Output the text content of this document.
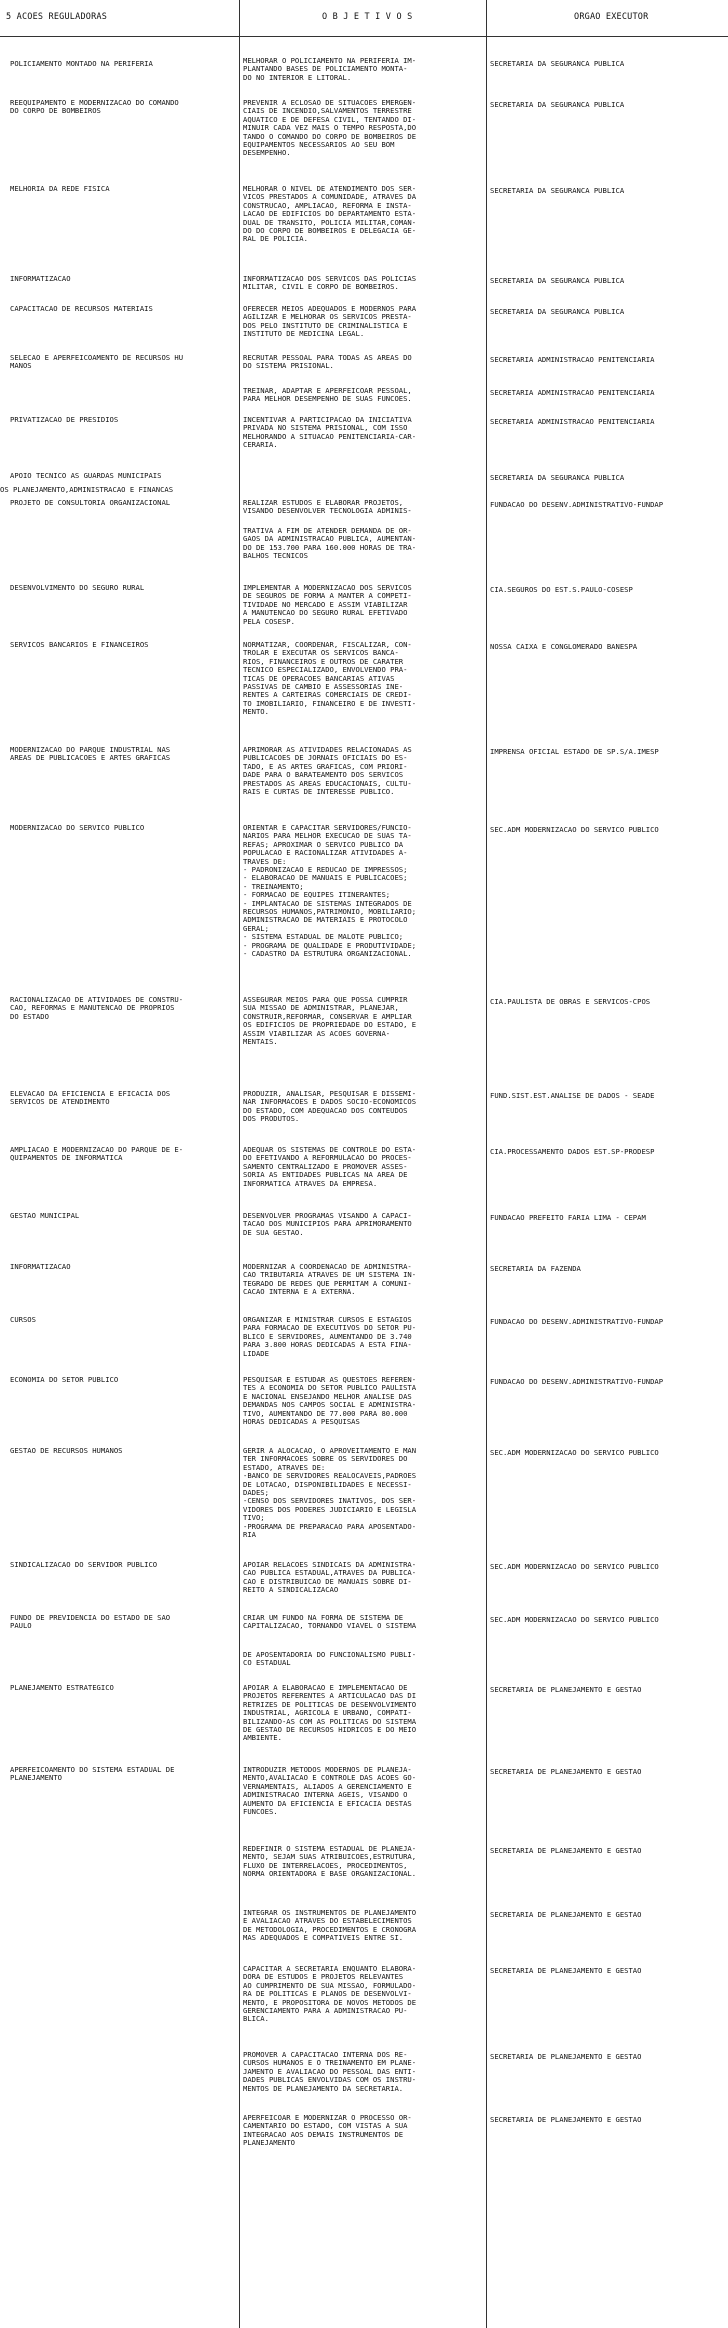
5 ACOES REGULADORAS	O B J E T I V O S	ORGAO EXECUTOR
POLICIAMENTO MONTADO NA PERIFERIA
REEQUIPAMENTO E MODERNIZACAO DO COMANDO
DO CORPO DE BOMBEIROS
MELHORIA DA REDE FISICA
INFORMATIZACAO
CAPACITACAO DE RECURSOS MATERIAIS
SELECAO E APERFEICOAMENTO DE RECURSOS HU
MANOS
PRIVATIZACAO DE PRESIDIOS
APOIO TECNICO AS GUARDAS MUNICIPAIS
OS PLANEJAMENTO,ADMINISTRACAO E FINANCAS
PROJETO DE CONSULTORIA ORGANIZACIONAL
DESENVOLVIMENTO DO SEGURO RURAL
SERVICOS BANCARIOS E FINANCEIROS
MODERNIZACAO DO PARQUE INDUSTRIAL NAS
AREAS DE PUBLICACOES E ARTES GRAFICAS
MODERNIZACAO DO SERVICO PUBLICO
RACIONALIZACAO DE ATIVIDADES DE CONSTRU-
CAO, REFORMAS E MANUTENCAO DE PROPRIOS
DO ESTADO
ELEVACAO DA EFICIENCIA E EFICACIA DOS
SERVICOS DE ATENDIMENTO
AMPLIACAO E MODERNIZACAO DO PARQUE DE E-
QUIPAMENTOS DE INFORMATICA
GESTAO MUNICIPAL
INFORMATIZACAO
CURSOS
ECONOMIA DO SETOR PUBLICO
GESTAO DE RECURSOS HUMANOS
SINDICALIZACAO DO SERVIDOR PUBLICO
FUNDO DE PREVIDENCIA DO ESTADO DE SAO
PAULO
PLANEJAMENTO ESTRATEGICO
APERFEICOAMENTO DO SISTEMA ESTADUAL DE
PLANEJAMENTO
MELHORAR O POLICIAMENTO NA PERIFERIA IM-
PLANTANDO BASES DE POLICIAMENTO MONTA-
DO NO INTERIOR E LITORAL.
PREVENIR A ECLOSAO DE SITUACOES EMERGEN-
CIAIS DE INCENDIO,SALVAMENTOS TERRESTRE
AQUATICO E DE DEFESA CIVIL, TENTANDO DI-
MINUIR CADA VEZ MAIS O TEMPO RESPOSTA,DO
TANDO O COMANDO DO CORPO DE BOMBEIROS DE
EQUIPAMENTOS NECESSARIOS AO SEU BOM
DESEMPENHO.
MELHORAR O NIVEL DE ATENDIMENTO DOS SER-
VICOS PRESTADOS A COMUNIDADE, ATRAVES DA
CONSTRUCAO, AMPLIACAO, REFORMA E INSTA-
LACAO DE EDIFICIOS DO DEPARTAMENTO ESTA-
DUAL DE TRANSITO, POLICIA MILITAR,COMAN-
DO DO CORPO DE BOMBEIROS E DELEGACIA GE-
RAL DE POLICIA.
INFORMATIZACAO DOS SERVICOS DAS POLICIAS
MILITAR, CIVIL E CORPO DE BOMBEIROS.
OFERECER MEIOS ADEQUADOS E MODERNOS PARA
AGILIZAR E MELHORAR OS SERVICOS PRESTA-
DOS PELO INSTITUTO DE CRIMINALISTICA E
INSTITUTO DE MEDICINA LEGAL.
RECRUTAR PESSOAL PARA TODAS AS AREAS DO
DO SISTEMA PRISIONAL.
TREINAR, ADAPTAR E APERFEICOAR PESSOAL,
PARA MELHOR DESEMPENHO DE SUAS FUNCOES.
INCENTIVAR A PARTICIPACAO DA INICIATIVA
PRIVADA NO SISTEMA PRISIONAL, COM ISSO
MELHORANDO A SITUACAO PENITENCIARIA-CAR-
CERARIA.
REALIZAR ESTUDOS E ELABORAR PROJETOS,
VISANDO DESENVOLVER TECNOLOGIA ADMINIS-
TRATIVA A FIM DE ATENDER DEMANDA DE OR-
GAOS DA ADMINISTRACAO PUBLICA, AUMENTAN-
DO DE 153.700 PARA 160.000 HORAS DE TRA-
BALHOS TECNICOS
IMPLEMENTAR A MODERNIZACAO DOS SERVICOS
DE SEGUROS DE FORMA A MANTER A COMPETI-
TIVIDADE NO MERCADO E ASSIM VIABILIZAR
A MANUTENCAO DO SEGURO RURAL EFETIVADO
PELA COSESP.
NORMATIZAR, COORDENAR, FISCALIZAR, CON-
TROLAR E EXECUTAR OS SERVICOS BANCA-
RIOS, FINANCEIROS E OUTROS DE CARATER
TECNICO ESPECIALIZADO, ENVOLVENDO PRA-
TICAS DE OPERACOES BANCARIAS ATIVAS
PASSIVAS DE CAMBIO E ASSESSORIAS INE-
RENTES A CARTEIRAS COMERCIAIS DE CREDI-
TO IMOBILIARIO, FINANCEIRO E DE INVESTI-
MENTO.
APRIMORAR AS ATIVIDADES RELACIONADAS AS
PUBLICACOES DE JORNAIS OFICIAIS DO ES-
TADO, E AS ARTES GRAFICAS, COM PRIORI-
DADE PARA O BARATEAMENTO DOS SERVICOS
PRESTADOS AS AREAS EDUCACIONAIS, CULTU-
RAIS E CURTAS DE INTERESSE PUBLICO.
ORIENTAR E CAPACITAR SERVIDORES/FUNCIO-
NARIOS PARA MELHOR EXECUCAO DE SUAS TA-
REFAS; APROXIMAR O SERVICO PUBLICO DA
POPULACAO E RACIONALIZAR ATIVIDADES A-
TRAVES DE:
- PADRONIZACAO E REDUCAO DE IMPRESSOS;
- ELABORACAO DE MANUAIS E PUBLICACOES;
- TREINAMENTO;
- FORMACAO DE EQUIPES ITINERANTES;
- IMPLANTACAO DE SISTEMAS INTEGRADOS DE
RECURSOS HUMANOS,PATRIMONIO, MOBILIARIO;
ADMINISTRACAO DE MATERIAIS E PROTOCOLO
GERAL;
- SISTEMA ESTADUAL DE MALOTE PUBLICO;
- PROGRAMA DE QUALIDADE E PRODUTIVIDADE;
- CADASTRO DA ESTRUTURA ORGANIZACIONAL.
ASSEGURAR MEIOS PARA QUE POSSA CUMPRIR
SUA MISSAO DE ADMINISTRAR, PLANEJAR,
CONSTRUIR,REFORMAR, CONSERVAR E AMPLIAR
OS EDIFICIOS DE PROPRIEDADE DO ESTADO, E
ASSIM VIABILIZAR AS ACOES GOVERNA-
MENTAIS.
PRODUZIR, ANALISAR, PESQUISAR E DISSEMI-
NAR INFORMACOES E DADOS SOCIO-ECONOMICOS
DO ESTADO, COM ADEQUACAO DOS CONTEUDOS
DOS PRODUTOS.
ADEQUAR OS SISTEMAS DE CONTROLE DO ESTA-
DO EFETIVANDO A REFORMULACAO DO PROCES-
SAMENTO CENTRALIZADO E PROMOVER ASSES-
SORIA AS ENTIDADES PUBLICAS NA AREA DE
INFORMATICA ATRAVES DA EMPRESA.
DESENVOLVER PROGRAMAS VISANDO A CAPACI-
TACAO DOS MUNICIPIOS PARA APRIMORAMENTO
DE SUA GESTAO.
MODERNIZAR A COORDENACAO DE ADMINISTRA-
CAO TRIBUTARIA ATRAVES DE UM SISTEMA IN-
TEGRADO DE REDES QUE PERMITAM A COMUNI-
CACAO INTERNA E A EXTERNA.
ORGANIZAR E MINISTRAR CURSOS E ESTAGIOS
PARA FORMACAO DE EXECUTIVOS DO SETOR PU-
BLICO E SERVIDORES, AUMENTANDO DE 3.740
PARA 3.800 HORAS DEDICADAS A ESTA FINA-
LIDADE
PESQUISAR E ESTUDAR AS QUESTOES REFEREN-
TES A ECONOMIA DO SETOR PUBLICO PAULISTA
E NACIONAL ENSEJANDO MELHOR ANALISE DAS
DEMANDAS NOS CAMPOS SOCIAL E ADMINISTRA-
TIVO, AUMENTANDO DE 77.000 PARA 80.000
HORAS DEDICADAS A PESQUISAS
GERIR A ALOCACAO, O APROVEITAMENTO E MAN
TER INFORMACOES SOBRE OS SERVIDORES DO
ESTADO, ATRAVES DE:
-BANCO DE SERVIDORES REALOCAVEIS,PADROES
DE LOTACAO, DISPONIBILIDADES E NECESSI-
DADES;
-CENSO DOS SERVIDORES INATIVOS, DOS SER-
VIDORES DOS PODERES JUDICIARIO E LEGISLA
TIVO;
-PROGRAMA DE PREPARACAO PARA APOSENTADO-
RIA
APOIAR RELACOES SINDICAIS DA ADMINISTRA-
CAO PUBLICA ESTADUAL,ATRAVES DA PUBLICA-
CAO E DISTRIBUICAO DE MANUAIS SOBRE DI-
REITO A SINDICALIZACAO
CRIAR UM FUNDO NA FORMA DE SISTEMA DE
CAPITALIZACAO, TORNANDO VIAVEL O SISTEMA
DE APOSENTADORIA DO FUNCIONALISMO PUBLI-
CO ESTADUAL
APOIAR A ELABORACAO E IMPLEMENTACAO DE
PROJETOS REFERENTES A ARTICULACAO DAS DI
RETRIZES DE POLITICAS DE DESENVOLVIMENTO
INDUSTRIAL, AGRICOLA E URBANO, COMPATI-
BILIZANDO-AS COM AS POLITICAS DO SISTEMA
DE GESTAO DE RECURSOS HIDRICOS E DO MEIO
AMBIENTE.
INTRODUZIR METODOS MODERNOS DE PLANEJA-
MENTO,AVALIACAO E CONTROLE DAS ACOES GO-
VERNAMENTAIS, ALIADOS A GERENCIAMENTO E
ADMINISTRACAO INTERNA AGEIS, VISANDO O
AUMENTO DA EFICIENCIA E EFICACIA DESTAS
FUNCOES.
REDEFINIR O SISTEMA ESTADUAL DE PLANEJA-
MENTO, SEJAM SUAS ATRIBUICOES,ESTRUTURA,
FLUXO DE INTERRELACOES, PROCEDIMENTOS,
NORMA ORIENTADORA E BASE ORGANIZACIONAL.
INTEGRAR OS INSTRUMENTOS DE PLANEJAMENTO
E AVALIACAO ATRAVES DO ESTABELECIMENTOS
DE METODOLOGIA, PROCEDIMENTOS E CRONOGRA
MAS ADEQUADOS E COMPATIVEIS ENTRE SI.
CAPACITAR A SECRETARIA ENQUANTO ELABORA-
DORA DE ESTUDOS E PROJETOS RELEVANTES
AO CUMPRIMENTO DE SUA MISSAO, FORMULADO-
RA DE POLITICAS E PLANOS DE DESENVOLVI-
MENTO, E PROPOSITORA DE NOVOS METODOS DE
GERENCIAMENTO PARA A ADMINISTRACAO PU-
BLICA.
PROMOVER A CAPACITACAO INTERNA DOS RE-
CURSOS HUMANOS E O TREINAMENTO EM PLANE-
JAMENTO E AVALIACAO DO PESSOAL DAS ENTI-
DADES PUBLICAS ENVOLVIDAS COM OS INSTRU-
MENTOS DE PLANEJAMENTO DA SECRETARIA.
APERFEICOAR E MODERNIZAR O PROCESSO OR-
CAMENTARIO DO ESTADO, COM VISTAS A SUA
INTEGRACAO AOS DEMAIS INSTRUMENTOS DE
PLANEJAMENTO
SECRETARIA DA SEGURANCA PUBLICA
SECRETARIA DA SEGURANCA PUBLICA
SECRETARIA DA SEGURANCA PUBLICA
SECRETARIA DA SEGURANCA PUBLICA
SECRETARIA DA SEGURANCA PUBLICA
SECRETARIA ADMINISTRACAO PENITENCIARIA
SECRETARIA ADMINISTRACAO PENITENCIARIA
SECRETARIA ADMINISTRACAO PENITENCIARIA
SECRETARIA DA SEGURANCA PUBLICA
FUNDACAO DO DESENV.ADMINISTRATIVO-FUNDAP
CIA.SEGUROS DO EST.S.PAULO-COSESP
NOSSA CAIXA E CONGLOMERADO BANESPA
IMPRENSA OFICIAL ESTADO DE SP.S/A.IMESP
SEC.ADM MODERNIZACAO DO SERVICO PUBLICO
CIA.PAULISTA DE OBRAS E SERVICOS-CPOS
FUND.SIST.EST.ANALISE DE DADOS - SEADE
CIA.PROCESSAMENTO DADOS EST.SP-PRODESP
FUNDACAO PREFEITO FARIA LIMA - CEPAM
SECRETARIA DA FAZENDA
FUNDACAO DO DESENV.ADMINISTRATIVO-FUNDAP
FUNDACAO DO DESENV.ADMINISTRATIVO-FUNDAP
SEC.ADM MODERNIZACAO DO SERVICO PUBLICO
SEC.ADM MODERNIZACAO DO SERVICO PUBLICO
SEC.ADM MODERNIZACAO DO SERVICO PUBLICO
SECRETARIA DE PLANEJAMENTO E GESTAO
SECRETARIA DE PLANEJAMENTO E GESTAO
SECRETARIA DE PLANEJAMENTO E GESTAO
SECRETARIA DE PLANEJAMENTO E GESTAO
SECRETARIA DE PLANEJAMENTO E GESTAO
SECRETARIA DE PLANEJAMENTO E GESTAO
SECRETARIA DE PLANEJAMENTO E GESTAO
